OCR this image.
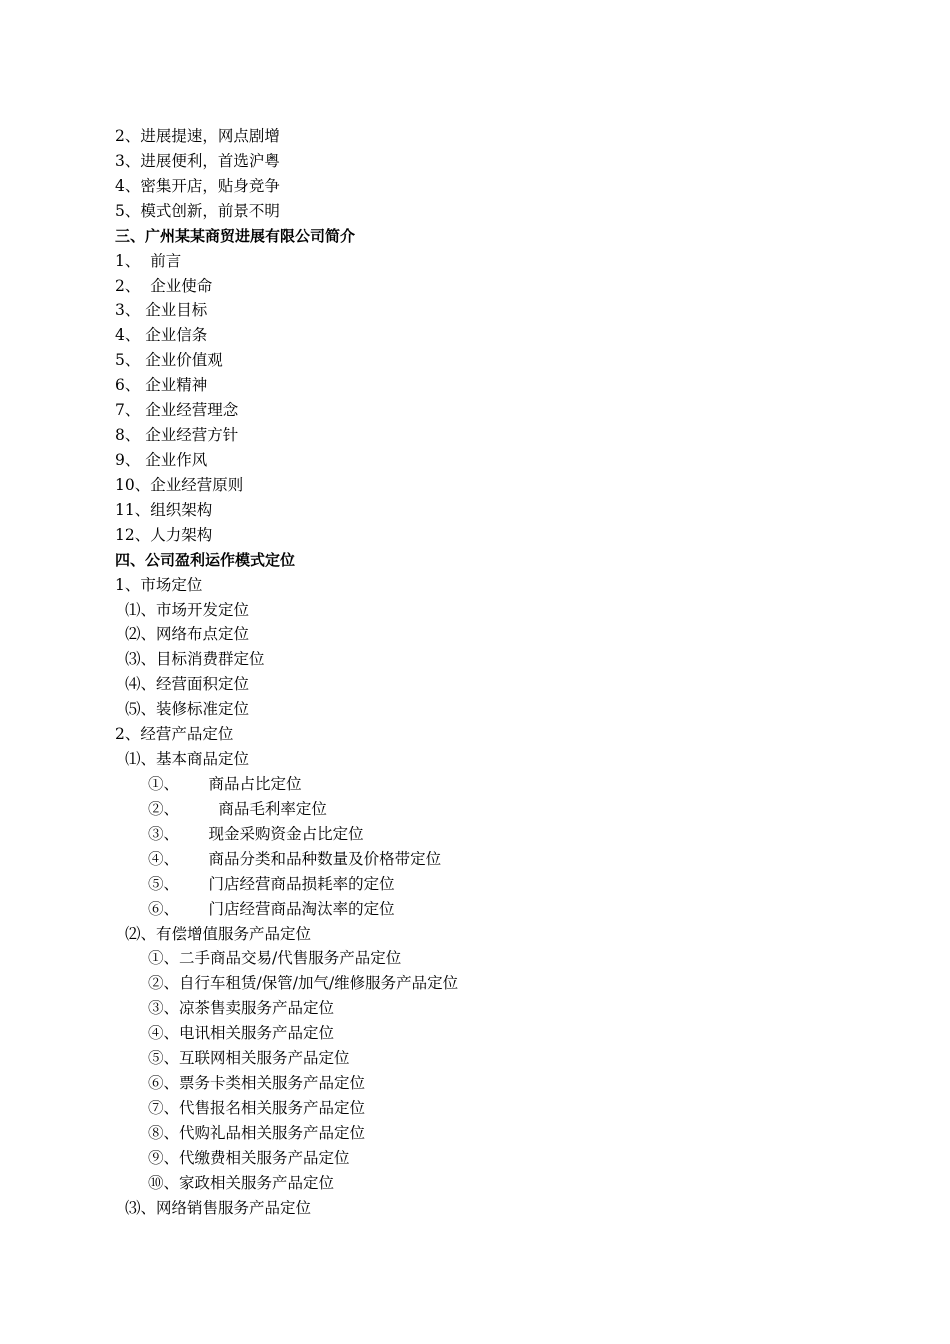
2、进展提速，网点剧增
3、进展便利，首选沪粤
4、密集开店，贴身竞争
5、模式创新，前景不明
三、广州某某商贸进展有限公司简介
1、  前言
2、  企业使命
3、 企业目标
4、 企业信条
5、 企业价值观
6、 企业精神
7、 企业经营理念
8、 企业经营方针
9、 企业作风
10、企业经营原则
11、组织架构
12、人力架构
四、公司盈利运作模式定位
1、市场定位
⑴、市场开发定位
⑵、网络布点定位
⑶、目标消费群定位
⑷、经营面积定位
⑸、装修标准定位
2、经营产品定位
⑴、基本商品定位
①、      商品占比定位
②、        商品毛利率定位
③、      现金采购资金占比定位
④、      商品分类和品种数量及价格带定位
⑤、      门店经营商品损耗率的定位
⑥、      门店经营商品淘汰率的定位
⑵、有偿增值服务产品定位
①、二手商品交易/代售服务产品定位
②、自行车租赁/保管/加气/维修服务产品定位
③、凉茶售卖服务产品定位
④、电讯相关服务产品定位
⑤、互联网相关服务产品定位
⑥、票务卡类相关服务产品定位
⑦、代售报名相关服务产品定位
⑧、代购礼品相关服务产品定位
⑨、代缴费相关服务产品定位
⑩、家政相关服务产品定位
⑶、网络销售服务产品定位
